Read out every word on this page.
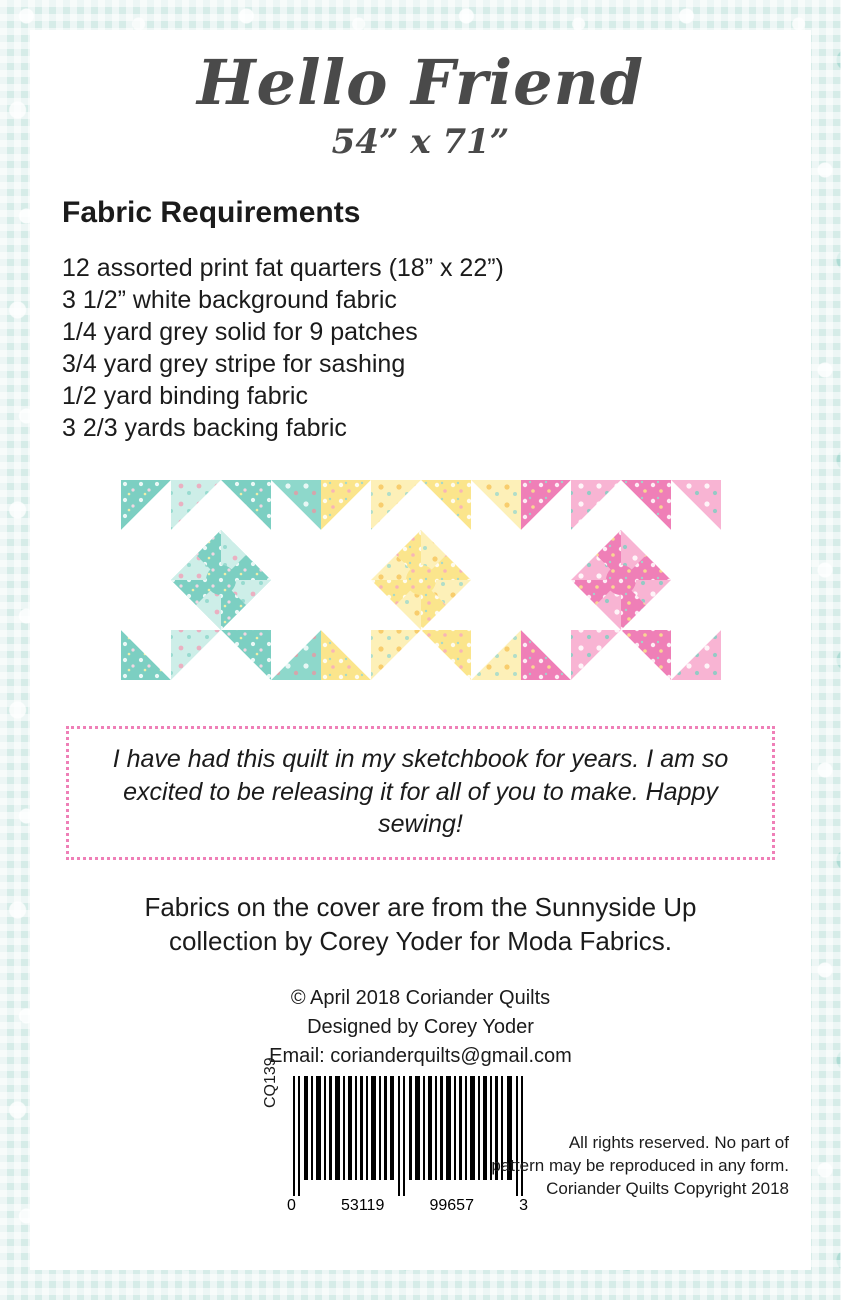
Hello Friend
54” x 71”
Fabric Requirements
12 assorted print fat quarters (18” x 22”)
3 1/2” white background fabric
1/4 yard grey solid for 9 patches
3/4 yard grey stripe for sashing
1/2 yard binding fabric
3 2/3 yards backing fabric
I have had this quilt in my sketchbook for years. I am so excited to be releasing it for all of you to make. Happy sewing!
Fabrics on the cover are from the Sunnyside Up
collection by Corey Yoder for Moda Fabrics.
© April 2018 Coriander Quilts
Designed by Corey Yoder
Email: corianderquilts@gmail.com
CQ139
0	53119	99657	3
All rights reserved. No part of
pattern may be reproduced in any form.
Coriander Quilts Copyright 2018
